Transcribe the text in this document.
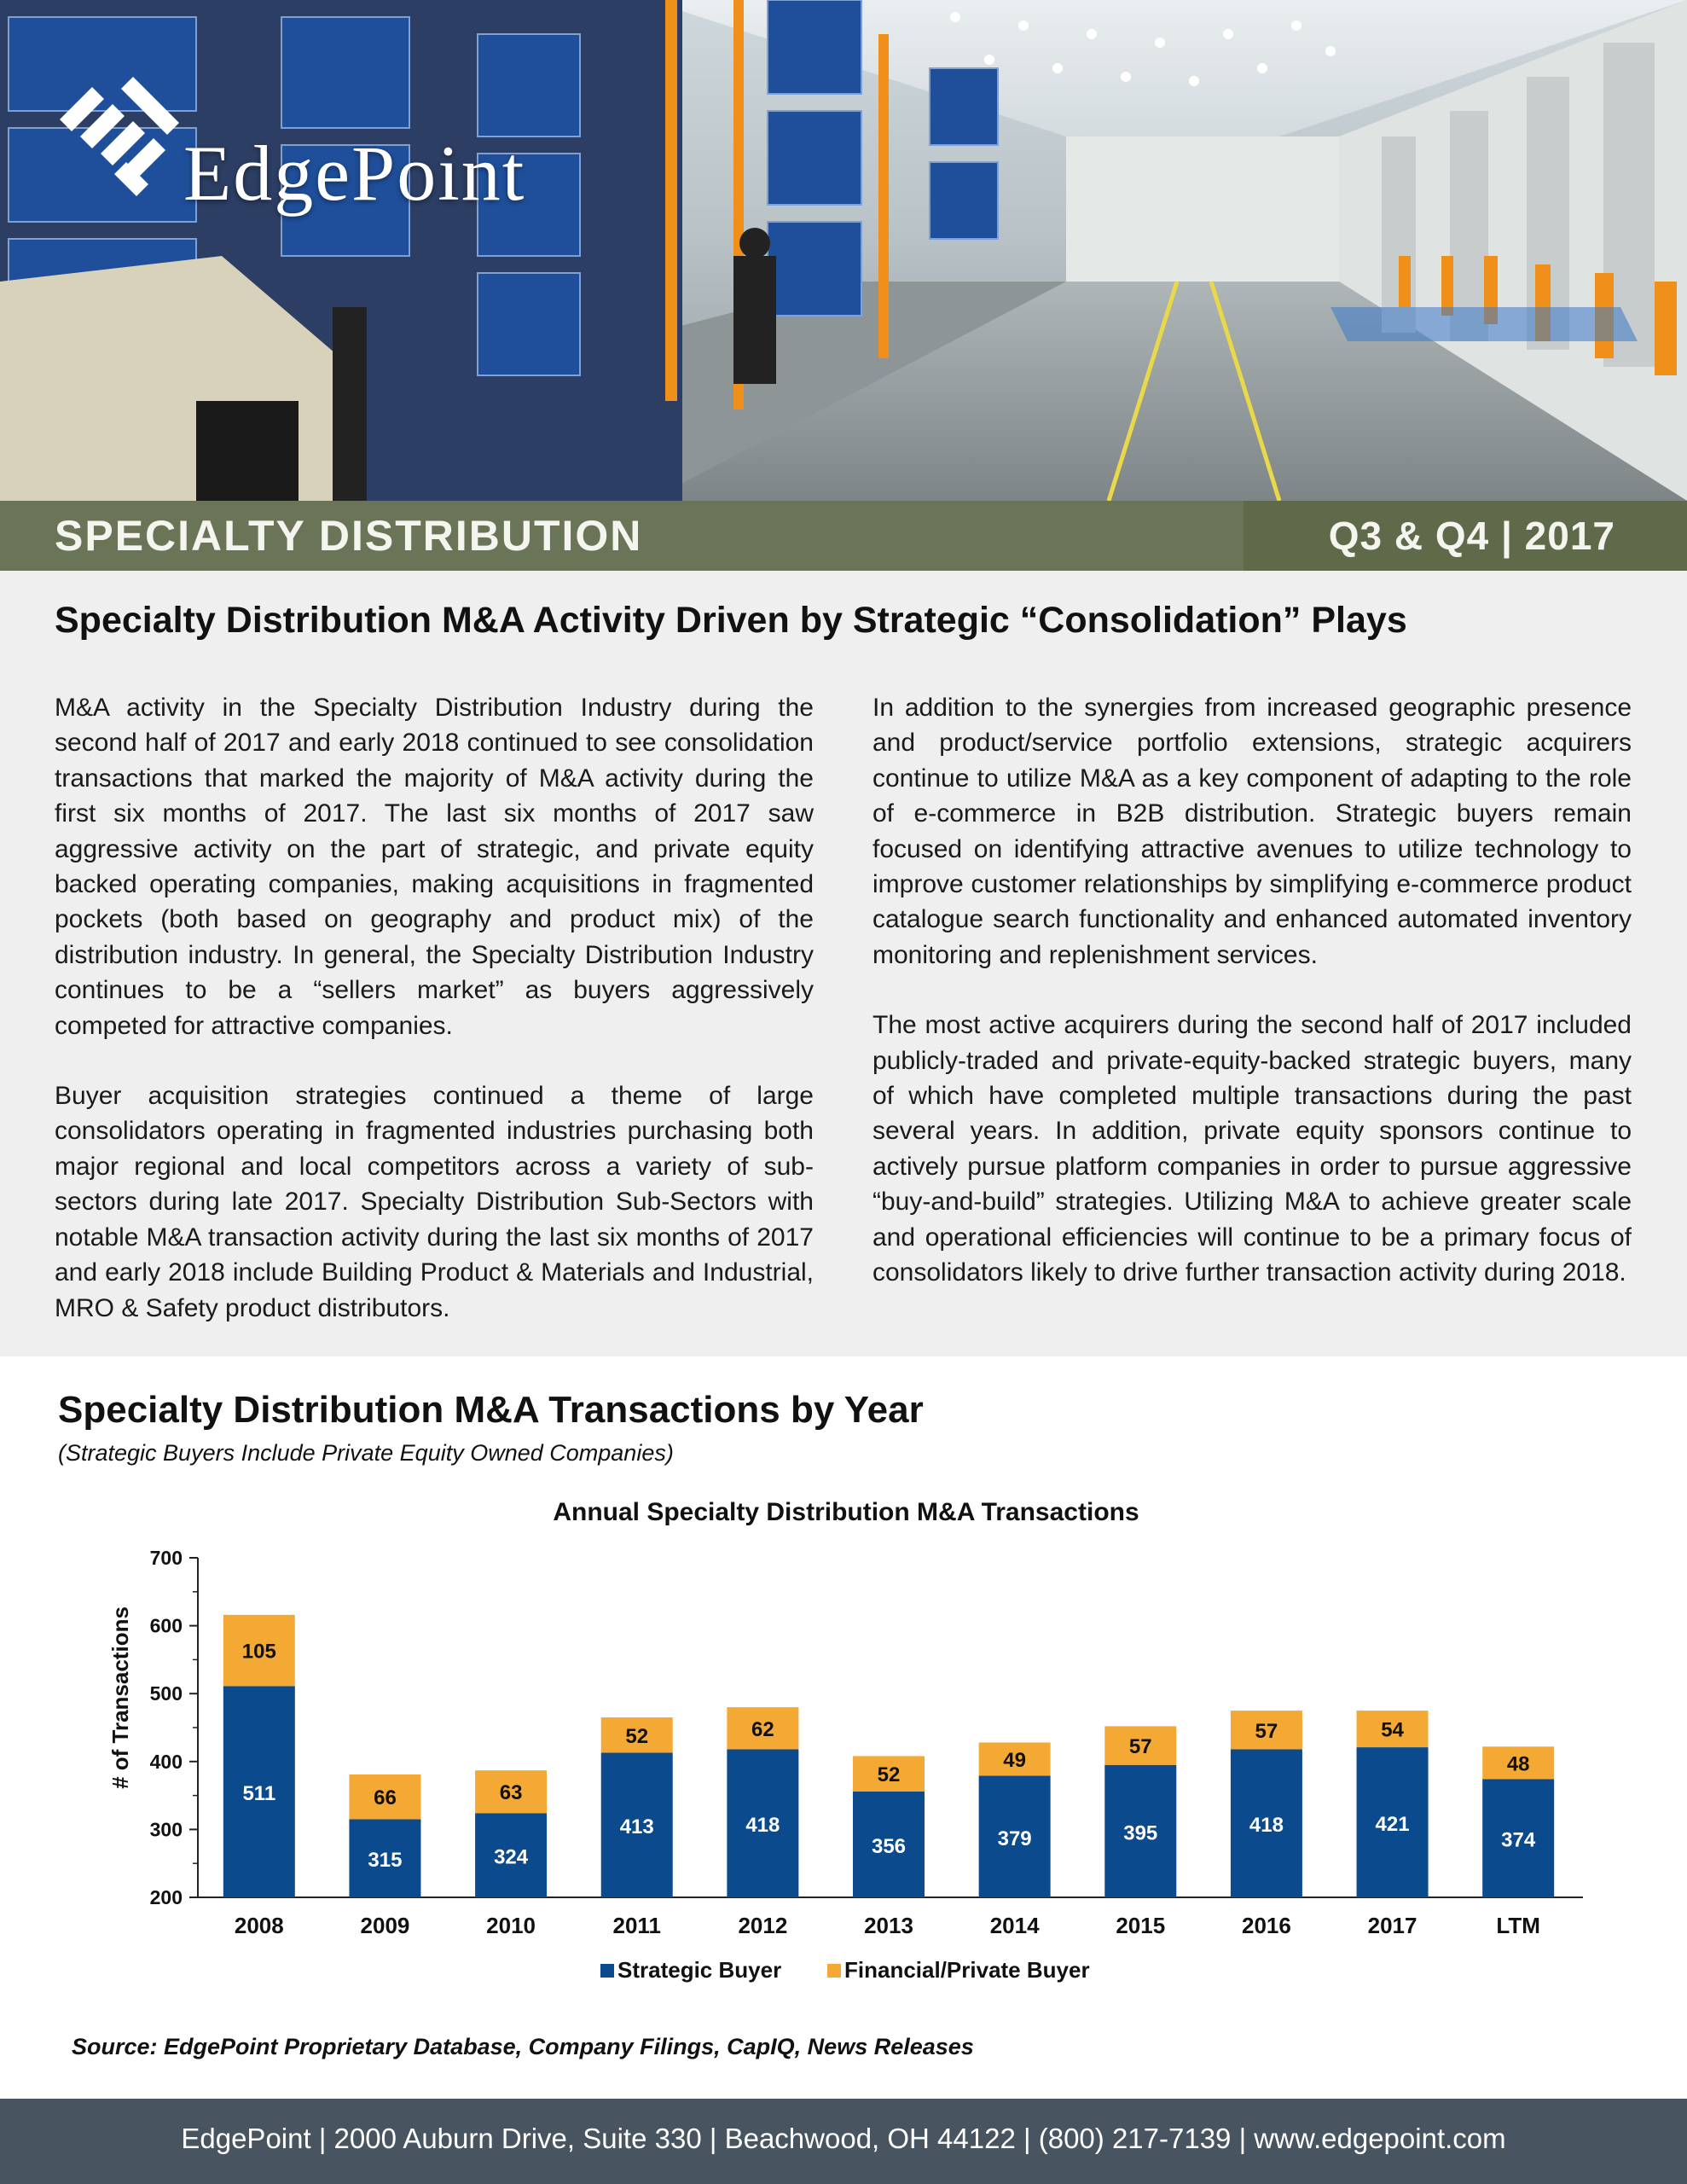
EdgePoint
SPECIALTY DISTRIBUTION	Q3 & Q4 | 2017
Specialty Distribution M&A Activity Driven by Strategic “Consolidation” Plays

M&A activity in the Specialty Distribution Industry during the second half of 2017 and early 2018 continued to see consolidation transactions that marked the majority of M&A activity during the first six months of 2017. The last six months of 2017 saw aggressive activity on the part of strategic, and private equity backed operating companies, making acquisitions in fragmented pockets (both based on geography and product mix) of the distribution industry. In general, the Specialty Distribution Industry continues to be a “sellers market” as buyers aggressively competed for attractive companies.

Buyer acquisition strategies continued a theme of large consolidators operating in fragmented industries purchasing both major regional and local competitors across a variety of sub-sectors during late 2017. Specialty Distribution Sub-Sectors with notable M&A transaction activity during the last six months of 2017 and early 2018 include Building Product & Materials and Industrial, MRO & Safety product distributors.

In addition to the synergies from increased geographic presence and product/service portfolio extensions, strategic acquirers continue to utilize M&A as a key component of adapting to the role of e-commerce in B2B distribution. Strategic buyers remain focused on identifying attractive avenues to utilize technology to improve customer relationships by simplifying e-commerce product catalogue search functionality and enhanced automated inventory monitoring and replenishment services.

The most active acquirers during the second half of 2017 included publicly-traded and private-equity-backed strategic buyers, many of which have completed multiple transactions during the past several years. In addition, private equity sponsors continue to actively pursue platform companies in order to pursue aggressive “buy-and-build” strategies. Utilizing M&A to achieve greater scale and operational efficiencies will continue to be a primary focus of consolidators likely to drive further transaction activity during 2018.

Specialty Distribution M&A Transactions by Year
(Strategic Buyers Include Private Equity Owned Companies)
Annual Specialty Distribution M&A Transactions
# of Transactions
200
300
400
500
600
700
511
105
2008
315
66
2009
324
63
2010
413
52
2011
418
62
2012
356
52
2013
379
49
2014
395
57
2015
418
57
2016
421
54
2017
374
48
LTM
Strategic Buyer	Financial/Private Buyer
Source: EdgePoint Proprietary Database, Company Filings, CapIQ, News Releases
EdgePoint | 2000 Auburn Drive, Suite 330 | Beachwood, OH 44122 | (800) 217-7139 | www.edgepoint.com
